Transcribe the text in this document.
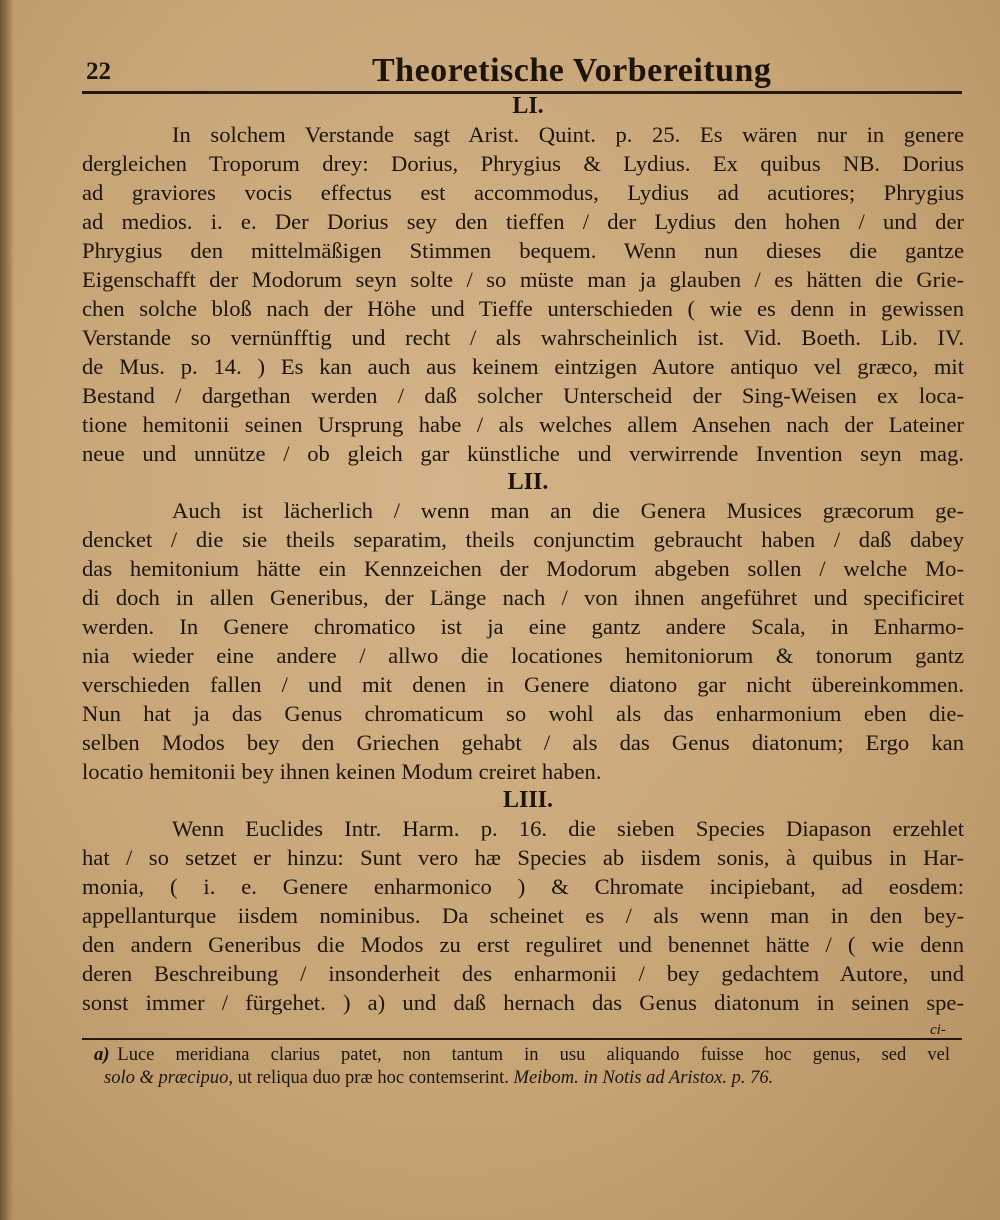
22	Theoretische Vorbereitung
LI.
In solchem Verstande sagt Arist. Quint. p. 25. Es wären nur in genere
dergleichen Troporum drey: Dorius, Phrygius & Lydius. Ex quibus NB. Dorius
ad graviores vocis effectus est accommodus, Lydius ad acutiores; Phrygius
ad medios. i. e. Der Dorius sey den tieffen / der Lydius den hohen / und der
Phrygius den mittelmäßigen Stimmen bequem. Wenn nun dieses die gantze
Eigenschafft der Modorum seyn solte / so müste man ja glauben / es hätten die Grie-
chen solche bloß nach der Höhe und Tieffe unterschieden ( wie es denn in gewissen
Verstande so vernünfftig und recht / als wahrscheinlich ist. Vid. Boeth. Lib. IV.
de Mus. p. 14. ) Es kan auch aus keinem eintzigen Autore antiquo vel græco, mit
Bestand / dargethan werden / daß solcher Unterscheid der Sing-Weisen ex loca-
tione hemitonii seinen Ursprung habe / als welches allem Ansehen nach der Lateiner
neue und unnütze / ob gleich gar künstliche und verwirrende Invention seyn mag.
LII.
Auch ist lächerlich / wenn man an die Genera Musices græcorum ge-
dencket / die sie theils separatim, theils conjunctim gebraucht haben / daß dabey
das hemitonium hätte ein Kennzeichen der Modorum abgeben sollen / welche Mo-
di doch in allen Generibus, der Länge nach / von ihnen angeführet und specificiret
werden. In Genere chromatico ist ja eine gantz andere Scala, in Enharmo-
nia wieder eine andere / allwo die locationes hemitoniorum & tonorum gantz
verschieden fallen / und mit denen in Genere diatono gar nicht übereinkommen.
Nun hat ja das Genus chromaticum so wohl als das enharmonium eben die-
selben Modos bey den Griechen gehabt / als das Genus diatonum; Ergo kan
locatio hemitonii bey ihnen keinen Modum creiret haben.
LIII.
Wenn Euclides Intr. Harm. p. 16. die sieben Species Diapason erzehlet
hat / so setzet er hinzu: Sunt vero hæ Species ab iisdem sonis, à quibus in Har-
monia, ( i. e. Genere enharmonico ) & Chromate incipiebant, ad eosdem:
appellanturque iisdem nominibus. Da scheinet es / als wenn man in den bey-
den andern Generibus die Modos zu erst reguliret und benennet hätte / ( wie denn
deren Beschreibung / insonderheit des enharmonii / bey gedachtem Autore, und
sonst immer / fürgehet. ) a) und daß hernach das Genus diatonum in seinen spe-
ci-
a) Luce meridiana clarius patet, non tantum in usu aliquando fuisse hoc genus, sed vel
solo & præcipuo, ut reliqua duo præ hoc contemserint. Meibom. in Notis ad Aristox. p. 76.
